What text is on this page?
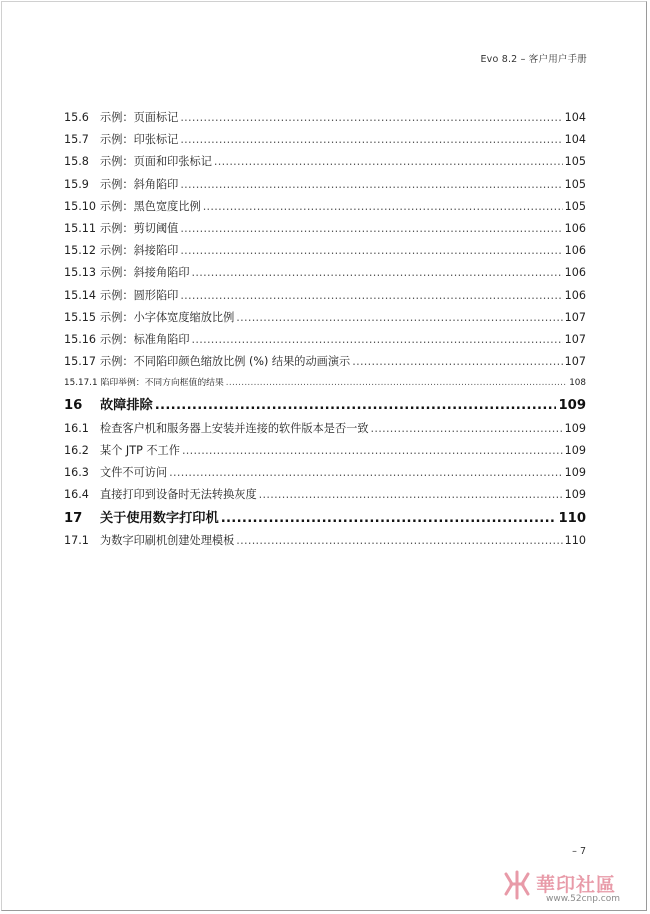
Evo 8.2 – 客户用户手册
15.6 示例：页面标记 .....	104
15.7 示例：印张标记 .....	104
15.8 示例：页面和印张标记 .....	105
15.9 示例：斜角陷印 .....	105
15.10 示例：黑色宽度比例 .....	105
15.11 示例：剪切阈值 .....	106
15.12 示例：斜接陷印 .....	106
15.13 示例：斜接角陷印 .....	106
15.14 示例：圆形陷印 .....	106
15.15 示例：小字体宽度缩放比例 .....	107
15.16 示例：标准角陷印 .....	107
15.17 示例：不同陷印颜色缩放比例 (%) 结果的动画演示 .....	107
15.17.1 陷印举例：不同方向框值的结果 .....	108
16	故障排除 .....	109
16.1 检查客户机和服务器上安装并连接的软件版本是否一致 .....	109
16.2 某个 JTP 不工作 .....	109
16.3 文件不可访问 .....	109
16.4 直接打印到设备时无法转换灰度 .....	109
17	关于使用数字打印机 .....	110
17.1 为数字印刷机创建处理模板 .....	110
– 7
華印社區
www.52cnp.com
